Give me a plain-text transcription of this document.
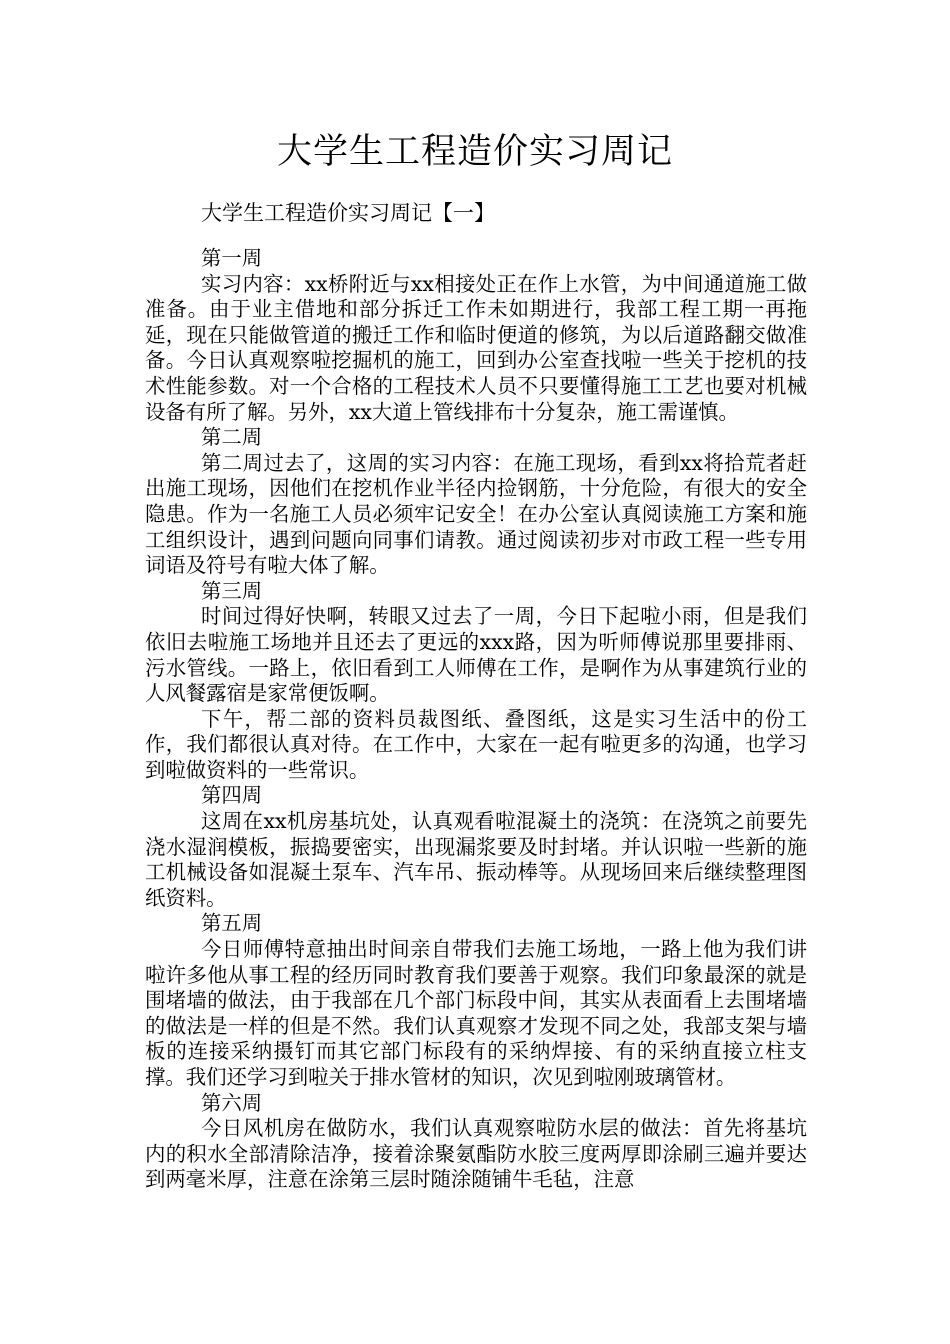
大学生工程造价实习周记
大学生工程造价实习周记【一】
第一周
实习内容：xx桥附近与xx相接处正在作上水管，为中间通道施工做准备。由于业主借地和部分拆迁工作未如期进行，我部工程工期一再拖延，现在只能做管道的搬迁工作和临时便道的修筑，为以后道路翻交做准备。今日认真观察啦挖掘机的施工，回到办公室查找啦一些关于挖机的技术性能参数。对一个合格的工程技术人员不只要懂得施工工艺也要对机械设备有所了解。另外，xx大道上管线排布十分复杂，施工需谨慎。
第二周
第二周过去了，这周的实习内容：在施工现场，看到xx将拾荒者赶出施工现场，因他们在挖机作业半径内捡钢筋，十分危险，有很大的安全隐患。作为一名施工人员必须牢记安全！在办公室认真阅读施工方案和施工组织设计，遇到问题向同事们请教。通过阅读初步对市政工程一些专用词语及符号有啦大体了解。
第三周
时间过得好快啊，转眼又过去了一周，今日下起啦小雨，但是我们依旧去啦施工场地并且还去了更远的xxx路，因为听师傅说那里要排雨、污水管线。一路上，依旧看到工人师傅在工作，是啊作为从事建筑行业的人风餐露宿是家常便饭啊。
下午，帮二部的资料员裁图纸、叠图纸，这是实习生活中的份工作，我们都很认真对待。在工作中，大家在一起有啦更多的沟通，也学习到啦做资料的一些常识。
第四周
这周在xx机房基坑处，认真观看啦混凝土的浇筑：在浇筑之前要先浇水湿润模板，振捣要密实，出现漏浆要及时封堵。并认识啦一些新的施工机械设备如混凝土泵车、汽车吊、振动棒等。从现场回来后继续整理图纸资料。
第五周
今日师傅特意抽出时间亲自带我们去施工场地，一路上他为我们讲啦许多他从事工程的经历同时教育我们要善于观察。我们印象最深的就是围堵墙的做法，由于我部在几个部门标段中间，其实从表面看上去围堵墙的做法是一样的但是不然。我们认真观察才发现不同之处，我部支架与墙板的连接采纳摄钉而其它部门标段有的采纳焊接、有的采纳直接立柱支撑。我们还学习到啦关于排水管材的知识，次见到啦刚玻璃管材。
第六周
今日风机房在做防水，我们认真观察啦防水层的做法：首先将基坑内的积水全部清除洁净，接着涂聚氨酯防水胶三度两厚即涂刷三遍并要达到两毫米厚，注意在涂第三层时随涂随铺牛毛毡，注意
